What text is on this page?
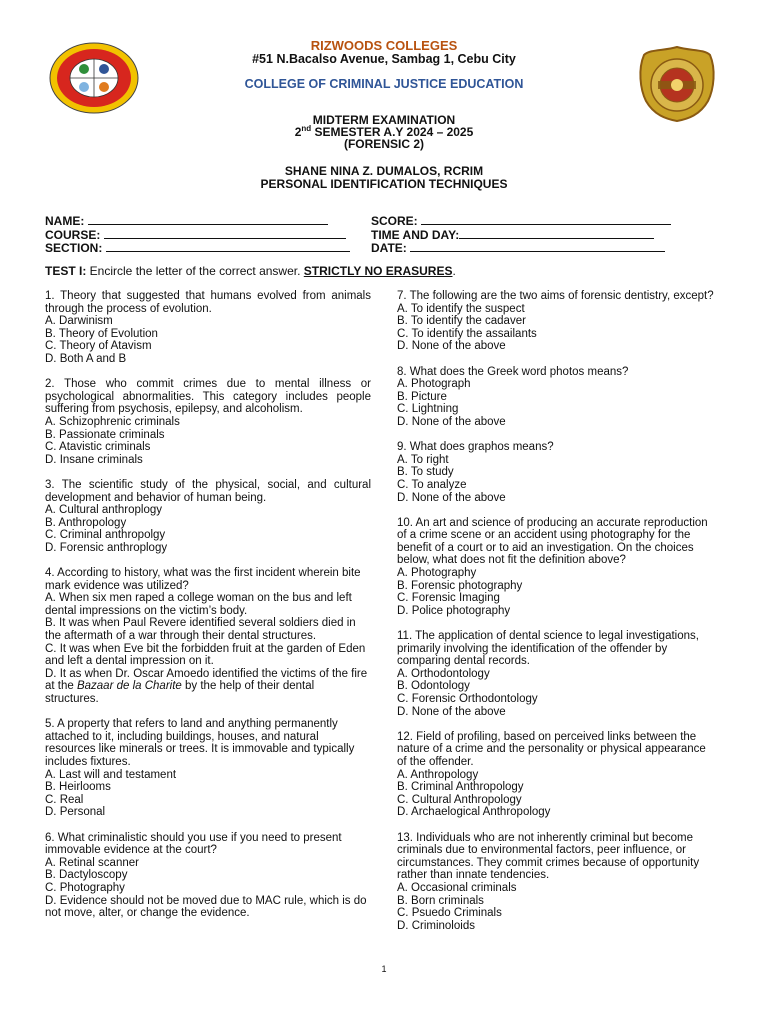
RIZWOODS COLLEGES
#51 N.Bacalso Avenue, Sambag 1, Cebu City
COLLEGE OF CRIMINAL JUSTICE EDUCATION
MIDTERM EXAMINATION
2nd SEMESTER A.Y 2024 – 2025
(FORENSIC 2)
SHANE NINA Z. DUMALOS, RCRIM
PERSONAL IDENTIFICATION TECHNIQUES
NAME:
COURSE:
SECTION:
SCORE:
TIME AND DAY:
DATE:
TEST I: Encircle the letter of the correct answer. STRICTLY NO ERASURES.
1. Theory that suggested that humans evolved from animals through the process of evolution.
A. Darwinism
B. Theory of Evolution
C. Theory of Atavism
D. Both A and B
2. Those who commit crimes due to mental illness or psychological abnormalities. This category includes people suffering from psychosis, epilepsy, and alcoholism.
A. Schizophrenic criminals
B. Passionate criminals
C. Atavistic criminals
D. Insane criminals
3. The scientific study of the physical, social, and cultural development and behavior of human being.
A. Cultural anthroplogy
B. Anthropology
C. Criminal anthropolgy
D. Forensic anthroplogy
4. According to history, what was the first incident wherein bite mark evidence was utilized?
A. When six men raped a college woman on the bus and left dental impressions on the victim’s body.
B. It was when Paul Revere identified several soldiers died in the aftermath of a war through their dental structures.
C. It was when Eve bit the forbidden fruit at the garden of Eden and left a dental impression on it.
D. It as when Dr. Oscar Amoedo identified the victims of the fire at the Bazaar de la Charite by the help of their dental structures.
5. A property that refers to land and anything permanently attached to it, including buildings, houses, and natural resources like minerals or trees. It is immovable and typically includes fixtures.
A. Last will and testament
B. Heirlooms
C. Real
D. Personal
6. What criminalistic should you use if you need to present immovable evidence at the court?
A. Retinal scanner
B. Dactyloscopy
C. Photography
D. Evidence should not be moved due to MAC rule, which is do not move, alter, or change the evidence.
7. The following are the two aims of forensic dentistry, except?
A. To identify the suspect
B. To identify the cadaver
C. To identify the assailants
D. None of the above
8. What does the Greek word photos means?
A. Photograph
B. Picture
C. Lightning
D. None of the above
9. What does graphos means?
A. To right
B. To study
C. To analyze
D. None of the above
10. An art and science of producing an accurate reproduction of a crime scene or an accident using photography for the benefit of a court or to aid an investigation. On the choices below, what does not fit the definition above?
A. Photography
B. Forensic photography
C. Forensic Imaging
D. Police photography
11. The application of dental science to legal investigations, primarily involving the identification of the offender by comparing dental records.
A. Orthodontology
B. Odontology
C. Forensic Orthodontology
D. None of the above
12. Field of profiling, based on perceived links between the nature of a crime and the personality or physical appearance of the offender.
A. Anthropology
B. Criminal Anthropology
C. Cultural Anthropology
D. Archaelogical Anthropology
13. Individuals who are not inherently criminal but become criminals due to environmental factors, peer influence, or circumstances. They commit crimes because of opportunity rather than innate tendencies.
A. Occasional criminals
B. Born criminals
C. Psuedo Criminals
D. Criminoloids
1
